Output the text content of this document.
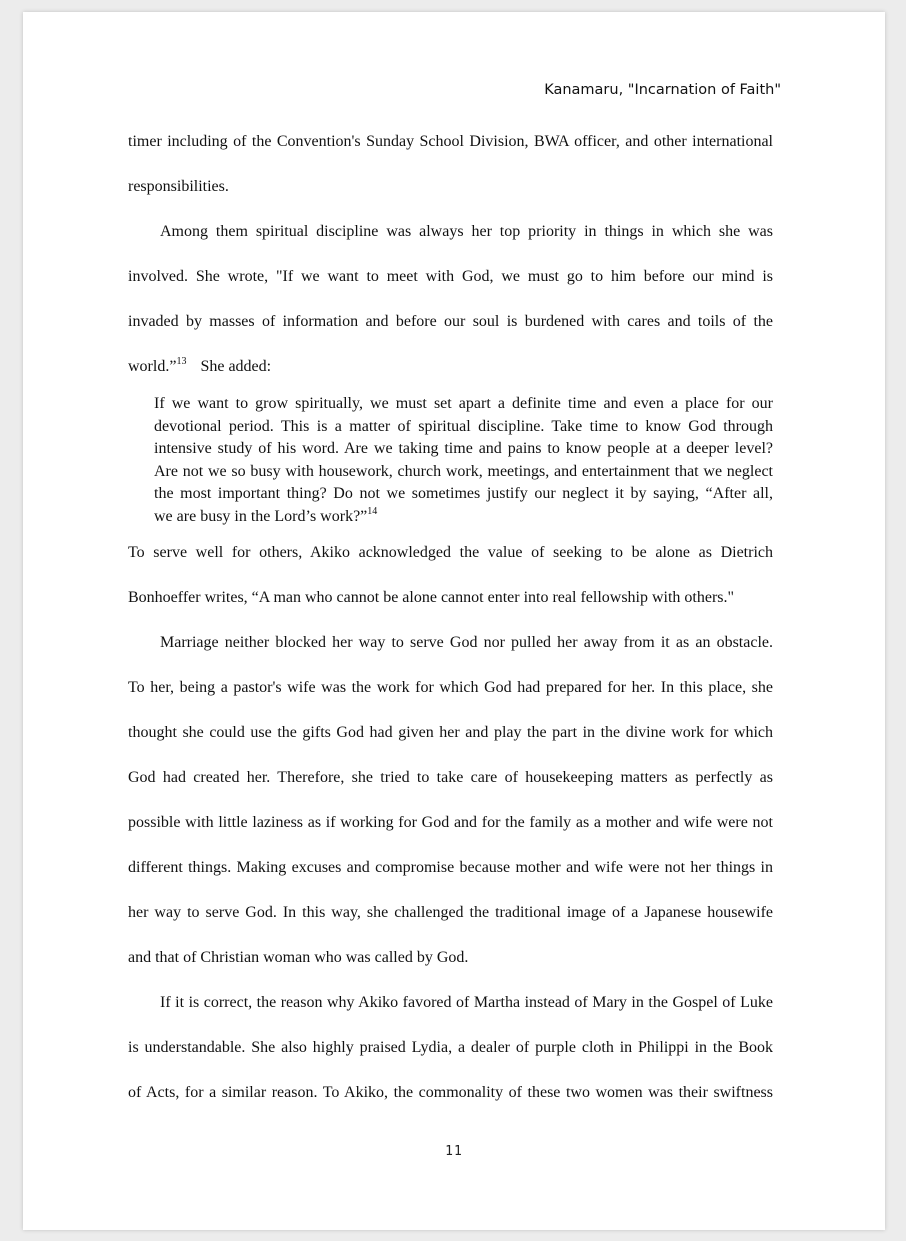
Kanamaru, "Incarnation of Faith"
timer including of the Convention's Sunday School Division, BWA officer, and other international
responsibilities.
Among them spiritual discipline was always her top priority in things in which she was
involved. She wrote, "If we want to meet with God, we must go to him before our mind is
invaded by masses of information and before our soul is burdened with cares and toils of the
world.”$^{13}$ She added:
If we want to grow spiritually, we must set apart a definite time and even a place for our
devotional period. This is a matter of spiritual discipline. Take time to know God through
intensive study of his word. Are we taking time and pains to know people at a deeper level?
Are not we so busy with housework, church work, meetings, and entertainment that we neglect
the most important thing? Do not we sometimes justify our neglect it by saying, “After all,
we are busy in the Lord’s work?”$^{14}$
To serve well for others, Akiko acknowledged the value of seeking to be alone as Dietrich
Bonhoeffer writes, “A man who cannot be alone cannot enter into real fellowship with others."
Marriage neither blocked her way to serve God nor pulled her away from it as an obstacle.
To her, being a pastor's wife was the work for which God had prepared for her. In this place, she
thought she could use the gifts God had given her and play the part in the divine work for which
God had created her. Therefore, she tried to take care of housekeeping matters as perfectly as
possible with little laziness as if working for God and for the family as a mother and wife were not
different things. Making excuses and compromise because mother and wife were not her things in
her way to serve God. In this way, she challenged the traditional image of a Japanese housewife
and that of Christian woman who was called by God.
If it is correct, the reason why Akiko favored of Martha instead of Mary in the Gospel of Luke
is understandable. She also highly praised Lydia, a dealer of purple cloth in Philippi in the Book
of Acts, for a similar reason. To Akiko, the commonality of these two women was their swiftness
11
